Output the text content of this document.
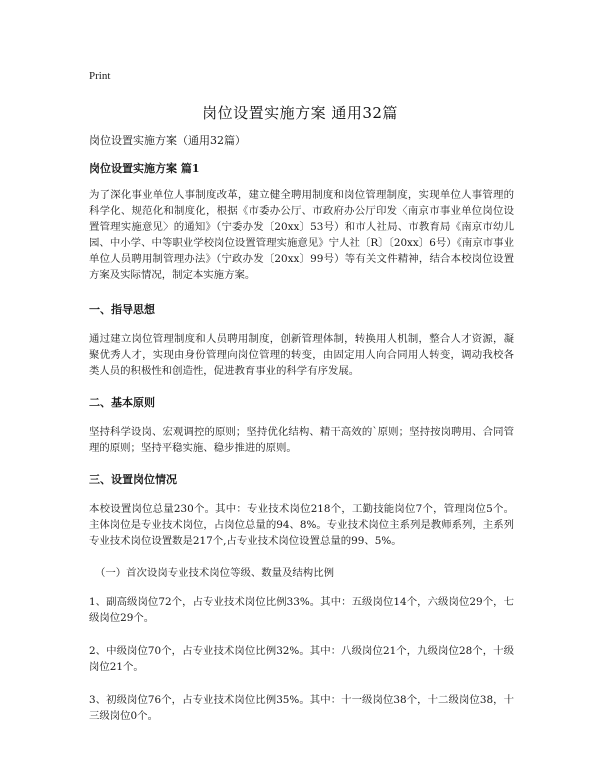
Print
岗位设置实施方案 通用32篇
岗位设置实施方案（通用32篇）
岗位设置实施方案 篇1

为了深化事业单位人事制度改革，建立健全聘用制度和岗位管理制度，实现单位人事管理的科学化、规范化和制度化，根据《市委办公厅、市政府办公厅印发〈南京市事业单位岗位设置管理实施意见〉的通知》（宁委办发〔20xx〕53号）和市人社局、市教育局《南京市幼儿园、中小学、中等职业学校岗位设置管理实施意见》宁人社〔R〕〔20xx〕6号）《南京市事业单位人员聘用制管理办法》（宁政办发〔20xx〕99号）等有关文件精神，结合本校岗位设置方案及实际情况，制定本实施方案。

一、指导思想

通过建立岗位管理制度和人员聘用制度，创新管理体制，转换用人机制，整合人才资源，凝聚优秀人才，实现由身份管理向岗位管理的转变，由固定用人向合同用人转变，调动我校各类人员的积极性和创造性，促进教育事业的科学有序发展。

二、基本原则

坚持科学设岗、宏观调控的原则；坚持优化结构、精干高效的`原则；坚持按岗聘用、合同管理的原则；坚持平稳实施、稳步推进的原则。

三、设置岗位情况

本校设置岗位总量230个。其中：专业技术岗位218个，工勤技能岗位7个，管理岗位5个。主体岗位是专业技术岗位，占岗位总量的94、8%。专业技术岗位主系列是教师系列，主系列专业技术岗位设置数是217个,占专业技术岗位设置总量的99、5%。

（一）首次设岗专业技术岗位等级、数量及结构比例

1、副高级岗位72个，占专业技术岗位比例33%。其中：五级岗位14个，六级岗位29个，七级岗位29个。

2、中级岗位70个，占专业技术岗位比例32%。其中：八级岗位21个，九级岗位28个，十级岗位21个。

3、初级岗位76个，占专业技术岗位比例35%。其中：十一级岗位38个，十二级岗位38，十三级岗位0个。
